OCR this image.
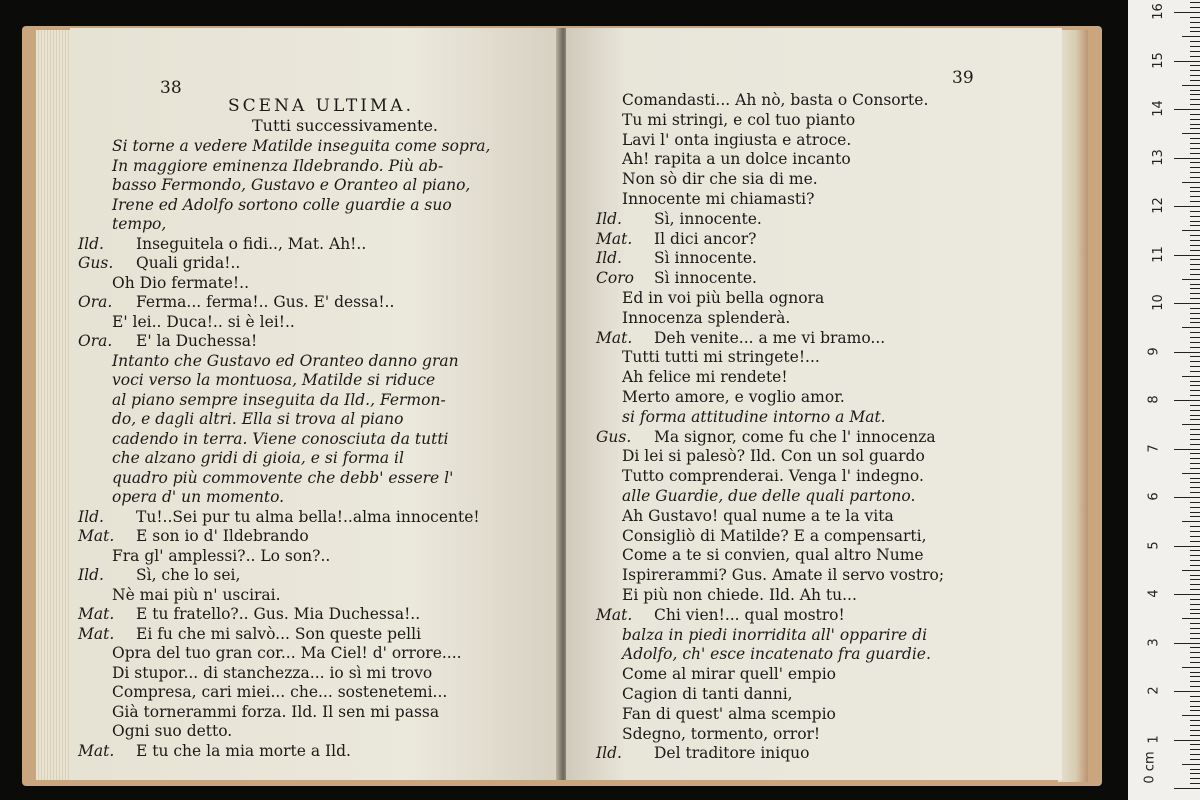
38
SCENA ULTIMA.
Tutti successivamente.
Si torne a vedere Matilde inseguita come sopra,
In maggiore eminenza Ildebrando. Più ab-
basso Fermondo, Gustavo e Oranteo al piano,
Irene ed Adolfo sortono colle guardie a suo
tempo,
Ild. Inseguitela o fidi.., Mat. Ah!..
Gus. Quali grida!..
Oh Dio fermate!..
Ora. Ferma... ferma!.. Gus. E' dessa!..
E' lei.. Duca!.. si è lei!..
Ora. E' la Duchessa!
Intanto che Gustavo ed Oranteo danno gran
voci verso la montuosa, Matilde si riduce
al piano sempre inseguita da Ild., Fermon-
do, e dagli altri. Ella si trova al piano
cadendo in terra. Viene conosciuta da tutti
che alzano gridi di gioia, e si forma il
quadro più commovente che debb' essere l'
opera d' un momento.
Ild. Tu!..Sei pur tu alma bella!..alma innocente!
Mat. E son io d' Ildebrando
Fra gl' amplessi?.. Lo son?..
Ild. Sì, che lo sei,
Nè mai più n' uscirai.
Mat. E tu fratello?.. Gus. Mia Duchessa!..
Mat. Ei fu che mi salvò... Son queste pelli
Opra del tuo gran cor... Ma Ciel! d' orrore....
Di stupor... di stanchezza... io sì mi trovo
Compresa, cari miei... che... sostenetemi...
Già tornerammi forza. Ild. Il sen mi passa
Ogni suo detto.
Mat. E tu che la mia morte a Ild.
39
Comandasti... Ah nò, basta o Consorte.
Tu mi stringi, e col tuo pianto
Lavi l' onta ingiusta e atroce.
Ah! rapita a un dolce incanto
Non sò dir che sia di me.
Innocente mi chiamasti?
Ild. Sì, innocente.
Mat. Il dici ancor?
Ild. Sì innocente.
Coro Sì innocente.
Ed in voi più bella ognora
Innocenza splenderà.
Mat. Deh venite... a me vi bramo...
Tutti tutti mi stringete!...
Ah felice mi rendete!
Merto amore, e voglio amor.
si forma attitudine intorno a Mat.
Gus. Ma signor, come fu che l' innocenza
Di lei si palesò? Ild. Con un sol guardo
Tutto comprenderai. Venga l' indegno.
alle Guardie, due delle quali partono.
Ah Gustavo! qual nume a te la vita
Consigliò di Matilde? E a compensarti,
Come a te si convien, qual altro Nume
Ispirerammi? Gus. Amate il servo vostro;
Ei più non chiede. Ild. Ah tu...
Mat. Chi vien!... qual mostro!
balza in piedi inorridita all' opparire di
Adolfo, ch' esce incatenato fra guardie.
Come al mirar quell' empio
Cagion di tanti danni,
Fan di quest' alma scempio
Sdegno, tormento, orror!
Ild. Del traditore iniquo
1
2
3
4
5
6
7
8
9
10
11
12
13
14
15
16
0 cm
